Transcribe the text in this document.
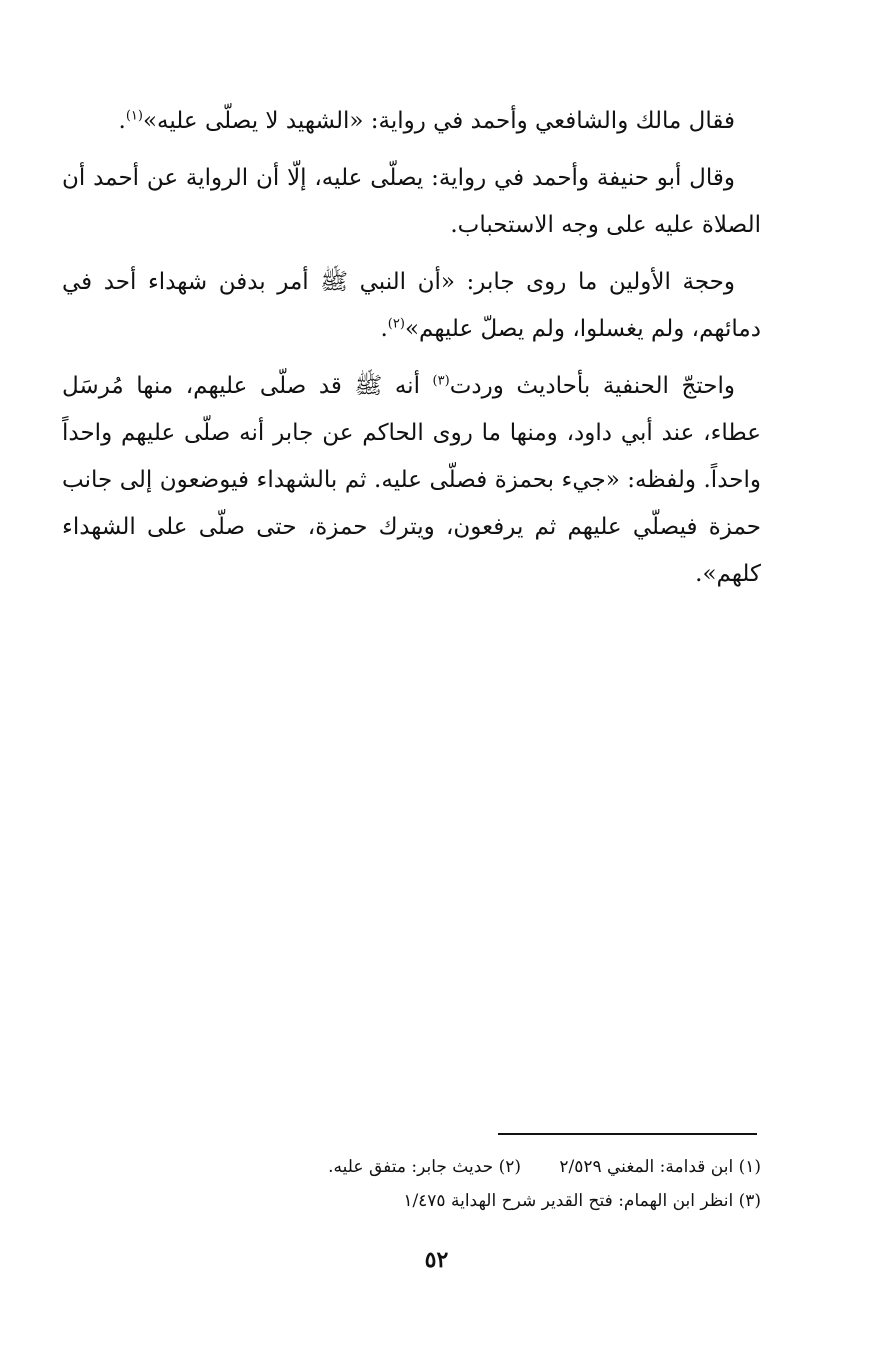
فقال مالك والشافعي وأحمد في رواية: «الشهيد لا يصلّى عليه»$^{(١)}$.

وقال أبو حنيفة وأحمد في رواية: يصلّى عليه، إلّا أن الرواية عن أحمد أن الصلاة عليه على وجه الاستحباب.

وحجة الأولين ما روى جابر: «أن النبي ﷺ أمر بدفن شهداء أحد في دمائهم، ولم يغسلوا، ولم يصلّ عليهم»$^{(٢)}$.

واحتجّ الحنفية بأحاديث وردت$^{(٣)}$ أنه ﷺ قد صلّى عليهم، منها مُرسَل عطاء، عند أبي داود، ومنها ما روى الحاكم عن جابر أنه صلّى عليهم واحداً واحداً. ولفظه: «جيء بحمزة فصلّى عليه. ثم بالشهداء فيوضعون إلى جانب حمزة فيصلّي عليهم ثم يرفعون، ويترك حمزة، حتى صلّى على الشهداء كلهم».

(١) ابن قدامة: المغني ٢/٥٢٩
(٢) حديث جابر: متفق عليه.
(٣) انظر ابن الهمام: فتح القدير شرح الهداية ١/٤٧٥
٥٢
